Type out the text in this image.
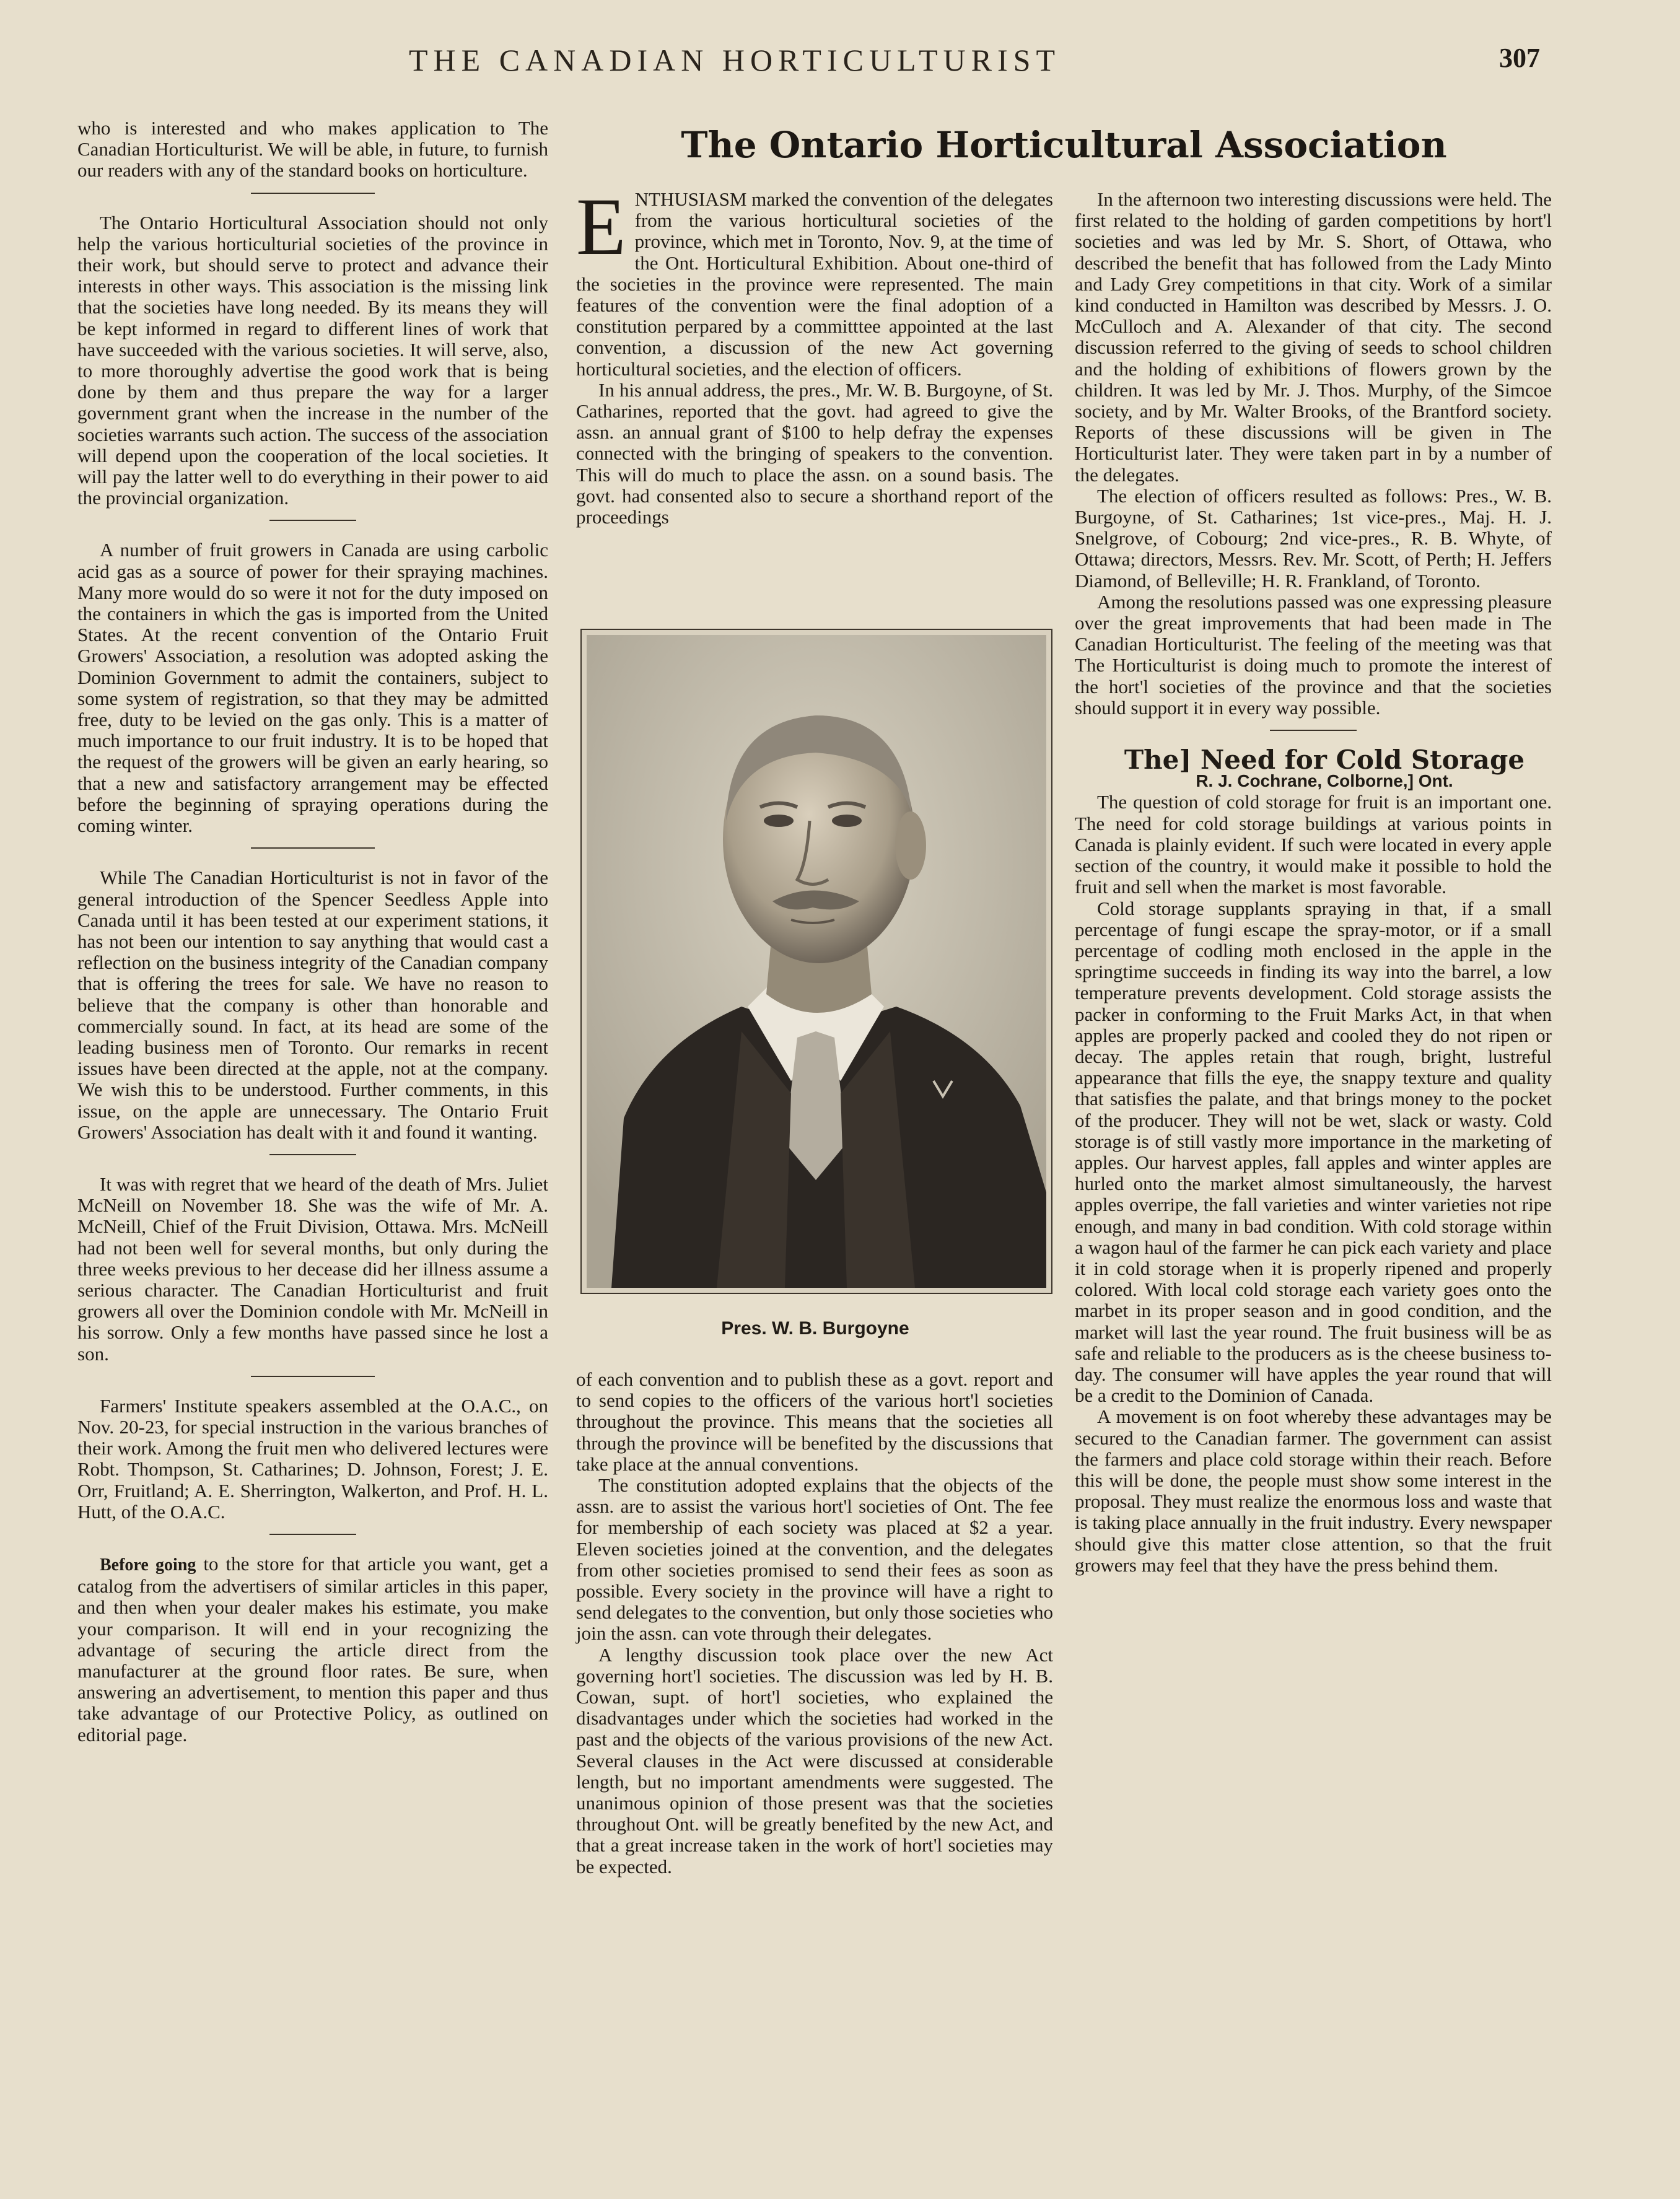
THE CANADIAN HORTICULTURIST	307

who is interested and who makes application to The Canadian Horticulturist. We will be able, in future, to furnish our readers with any of the standard books on horticulture.

The Ontario Horticultural Association should not only help the various horticulturial societies of the province in their work, but should serve to protect and advance their interests in other ways. This association is the missing link that the societies have long needed. By its means they will be kept informed in regard to different lines of work that have succeeded with the various societies. It will serve, also, to more thoroughly advertise the good work that is being done by them and thus prepare the way for a larger government grant when the increase in the number of the societies warrants such action. The success of the association will depend upon the cooperation of the local societies. It will pay the latter well to do everything in their power to aid the provincial organization.

A number of fruit growers in Canada are using carbolic acid gas as a source of power for their spraying machines. Many more would do so were it not for the duty imposed on the containers in which the gas is imported from the United States. At the recent convention of the Ontario Fruit Growers' Association, a resolution was adopted asking the Dominion Government to admit the containers, subject to some system of registration, so that they may be admitted free, duty to be levied on the gas only. This is a matter of much importance to our fruit industry. It is to be hoped that the request of the growers will be given an early hearing, so that a new and satisfactory arrangement may be effected before the beginning of spraying operations during the coming winter.

While The Canadian Horticulturist is not in favor of the general introduction of the Spencer Seedless Apple into Canada until it has been tested at our experiment stations, it has not been our intention to say anything that would cast a reflection on the business integrity of the Canadian company that is offering the trees for sale. We have no reason to believe that the company is other than honorable and commercially sound. In fact, at its head are some of the leading business men of Toronto. Our remarks in recent issues have been directed at the apple, not at the company. We wish this to be understood. Further comments, in this issue, on the apple are unnecessary. The Ontario Fruit Growers' Association has dealt with it and found it wanting.

It was with regret that we heard of the death of Mrs. Juliet McNeill on November 18. She was the wife of Mr. A. McNeill, Chief of the Fruit Division, Ottawa. Mrs. McNeill had not been well for several months, but only during the three weeks previous to her decease did her illness assume a serious character. The Canadian Horticulturist and fruit growers all over the Dominion condole with Mr. McNeill in his sorrow. Only a few months have passed since he lost a son.

Farmers' Institute speakers assembled at the O.A.C., on Nov. 20-23, for special instruction in the various branches of their work. Among the fruit men who delivered lectures were Robt. Thompson, St. Catharines; D. Johnson, Forest; J. E. Orr, Fruitland; A. E. Sherrington, Walkerton, and Prof. H. L. Hutt, of the O.A.C.

Before going to the store for that article you want, get a catalog from the advertisers of similar articles in this paper, and then when your dealer makes his estimate, you make your comparison. It will end in your recognizing the advantage of securing the article direct from the manufacturer at the ground floor rates. Be sure, when answering an advertisement, to mention this paper and thus take advantage of our Protective Policy, as outlined on editorial page.

The Ontario Horticultural Association

ENTHUSIASM marked the convention of the delegates from the various horticultural societies of the province, which met in Toronto, Nov. 9, at the time of the Ont. Horticultural Exhibition. About one-third of the societies in the province were represented. The main features of the convention were the final adoption of a constitution perpared by a committtee appointed at the last convention, a discussion of the new Act governing horticultural societies, and the election of officers.

In his annual address, the pres., Mr. W. B. Burgoyne, of St. Catharines, reported that the govt. had agreed to give the assn. an annual grant of $100 to help defray the expenses connected with the bringing of speakers to the convention. This will do much to place the assn. on a sound basis. The govt. had consented also to secure a shorthand report of the proceedings

Pres. W. B. Burgoyne

of each convention and to publish these as a govt. report and to send copies to the officers of the various hort'l societies throughout the province. This means that the societies all through the province will be benefited by the discussions that take place at the annual conventions.

The constitution adopted explains that the objects of the assn. are to assist the various hort'l societies of Ont. The fee for membership of each society was placed at $2 a year. Eleven societies joined at the convention, and the delegates from other societies promised to send their fees as soon as possible. Every society in the province will have a right to send delegates to the convention, but only those societies who join the assn. can vote through their delegates.

A lengthy discussion took place over the new Act governing hort'l societies. The discussion was led by H. B. Cowan, supt. of hort'l societies, who explained the disadvantages under which the societies had worked in the past and the objects of the various provisions of the new Act. Several clauses in the Act were discussed at considerable length, but no important amendments were suggested. The unanimous opinion of those present was that the societies throughout Ont. will be greatly benefited by the new Act, and that a great increase taken in the work of hort'l societies may be expected.

In the afternoon two interesting discussions were held. The first related to the holding of garden competitions by hort'l societies and was led by Mr. S. Short, of Ottawa, who described the benefit that has followed from the Lady Minto and Lady Grey competitions in that city. Work of a similar kind conducted in Hamilton was described by Messrs. J. O. McCulloch and A. Alexander of that city. The second discussion referred to the giving of seeds to school children and the holding of exhibitions of flowers grown by the children. It was led by Mr. J. Thos. Murphy, of the Simcoe society, and by Mr. Walter Brooks, of the Brantford society. Reports of these discussions will be given in The Horticulturist later. They were taken part in by a number of the delegates.

The election of officers resulted as follows: Pres., W. B. Burgoyne, of St. Catharines; 1st vice-pres., Maj. H. J. Snelgrove, of Cobourg; 2nd vice-pres., R. B. Whyte, of Ottawa; directors, Messrs. Rev. Mr. Scott, of Perth; H. Jeffers Diamond, of Belleville; H. R. Frankland, of Toronto.

Among the resolutions passed was one expressing pleasure over the great improvements that had been made in The Canadian Horticulturist. The feeling of the meeting was that The Horticulturist is doing much to promote the interest of the hort'l societies of the province and that the societies should support it in every way possible.

The] Need for Cold Storage

R. J. Cochrane, Colborne,] Ont.

The question of cold storage for fruit is an important one. The need for cold storage buildings at various points in Canada is plainly evident. If such were located in every apple section of the country, it would make it possible to hold the fruit and sell when the market is most favorable.

Cold storage supplants spraying in that, if a small percentage of fungi escape the spray-motor, or if a small percentage of codling moth enclosed in the apple in the springtime succeeds in finding its way into the barrel, a low temperature prevents development. Cold storage assists the packer in conforming to the Fruit Marks Act, in that when apples are properly packed and cooled they do not ripen or decay. The apples retain that rough, bright, lustreful appearance that fills the eye, the snappy texture and quality that satisfies the palate, and that brings money to the pocket of the producer. They will not be wet, slack or wasty. Cold storage is of still vastly more importance in the marketing of apples. Our harvest apples, fall apples and winter apples are hurled onto the market almost simultaneously, the harvest apples overripe, the fall varieties and winter varieties not ripe enough, and many in bad condition. With cold storage within a wagon haul of the farmer he can pick each variety and place it in cold storage when it is properly ripened and properly colored. With local cold storage each variety goes onto the marbet in its proper season and in good condition, and the market will last the year round. The fruit business will be as safe and reliable to the producers as is the cheese business to-day. The consumer will have apples the year round that will be a credit to the Dominion of Canada.

A movement is on foot whereby these advantages may be secured to the Canadian farmer. The government can assist the farmers and place cold storage within their reach. Before this will be done, the people must show some interest in the proposal. They must realize the enormous loss and waste that is taking place annually in the fruit industry. Every newspaper should give this matter close attention, so that the fruit growers may feel that they have the press behind them.
